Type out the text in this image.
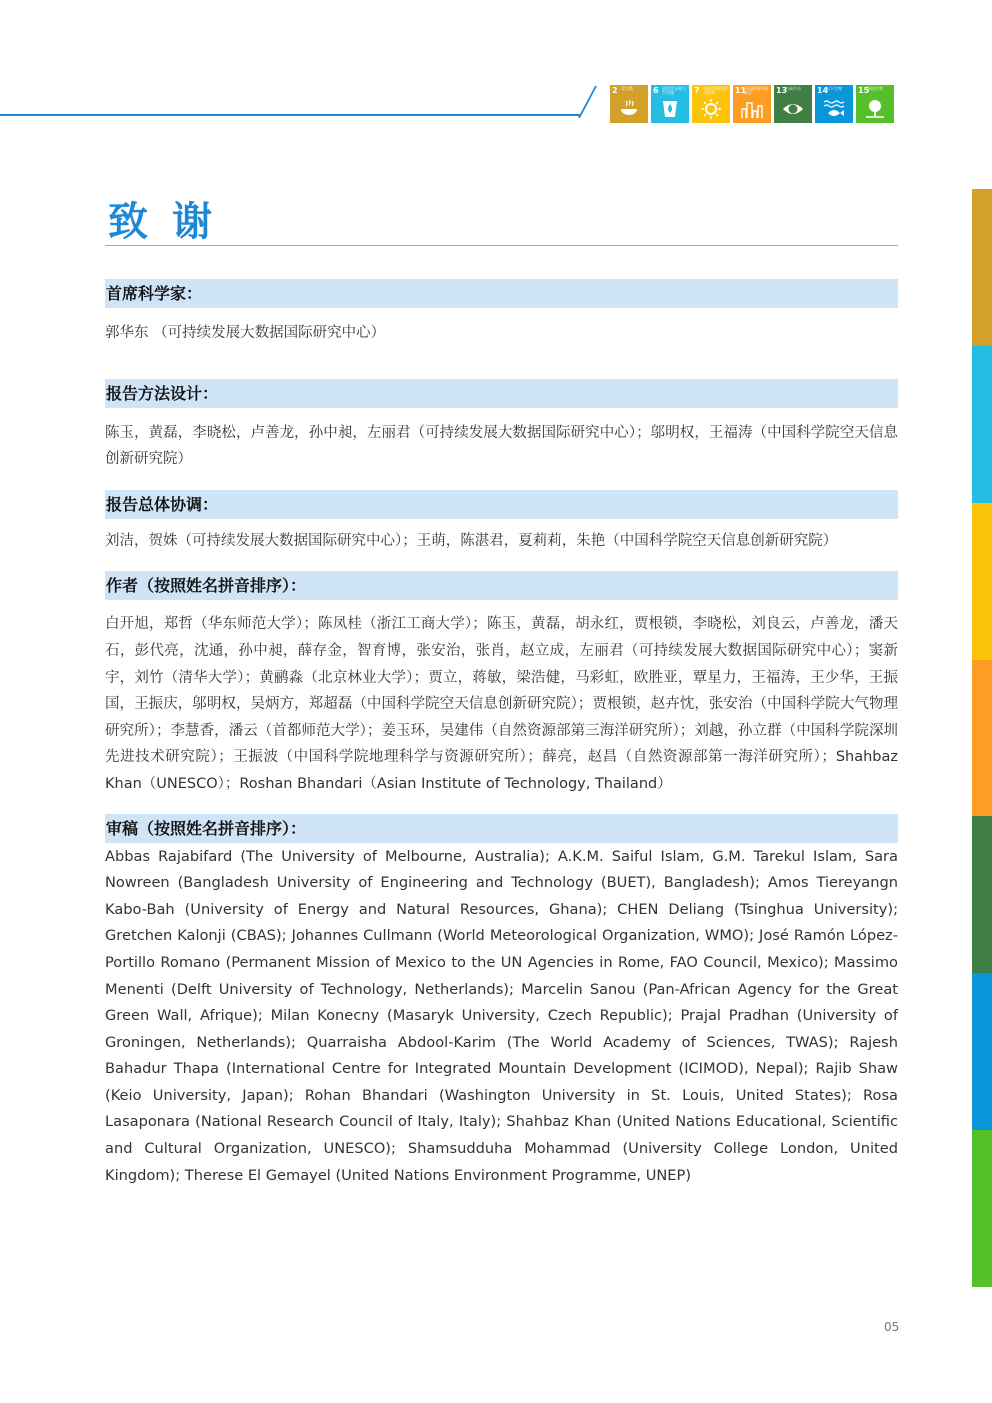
2 零饥饿	6 清洁饮水和卫生设施	7 经济适用的清洁能源	11
可持续城市和社区	13
气候行动	14
水下生物	15
陆地生物
致谢
首席科学家：
郭华东 （可持续发展大数据国际研究中心）
报告方法设计：
陈玉，黄磊，李晓松，卢善龙，孙中昶，左丽君（可持续发展大数据国际研究中心）；邬明权，王福涛（中国科学院空天信息创新研究院）
报告总体协调：
刘洁，贺姝（可持续发展大数据国际研究中心）；王萌，陈湛君，夏莉莉，朱艳（中国科学院空天信息创新研究院）
作者（按照姓名拼音排序）：
白开旭，郑哲（华东师范大学）；陈凤桂（浙江工商大学）；陈玉，黄磊，胡永红，贾根锁，李晓松，刘良云，卢善龙，潘天石，彭代亮，沈通，孙中昶，薛存金，智育博，张安治，张肖，赵立成，左丽君（可持续发展大数据国际研究中心）；窦新宇，刘竹（清华大学）；黄鹂淼（北京林业大学）；贾立，蒋敏，梁浩健，马彩虹，欧胜亚，覃星力，王福涛，王少华，王振国，王振庆，邬明权，吴炳方，郑超磊（中国科学院空天信息创新研究院）；贾根锁，赵卉忱，张安治（中国科学院大气物理研究所）；李慧香，潘云（首都师范大学）；姜玉环，吴建伟（自然资源部第三海洋研究所）；刘越，孙立群（中国科学院深圳先进技术研究院）；王振波（中国科学院地理科学与资源研究所）；薛亮，赵昌（自然资源部第一海洋研究所）；Shahbaz Khan（UNESCO）；Roshan Bhandari（Asian Institute of Technology, Thailand）
审稿（按照姓名拼音排序）：
Abbas Rajabifard (The University of Melbourne, Australia); A.K.M. Saiful Islam, G.M. Tarekul Islam, Sara Nowreen (Bangladesh University of Engineering and Technology (BUET), Bangladesh); Amos Tiereyangn Kabo-Bah (University of Energy and Natural Resources, Ghana); CHEN Deliang (Tsinghua University); Gretchen Kalonji (CBAS); Johannes Cullmann (World Meteorological Organization, WMO); José Ramón López-Portillo Romano (Permanent Mission of Mexico to the UN Agencies in Rome, FAO Council, Mexico); Massimo Menenti (Delft University of Technology, Netherlands); Marcelin Sanou (Pan-African Agency for the Great Green Wall, Afrique); Milan Konecny (Masaryk University, Czech Republic); Prajal Pradhan (University of Groningen, Netherlands); Quarraisha Abdool-Karim (The World Academy of Sciences, TWAS); Rajesh Bahadur Thapa (International Centre for Integrated Mountain Development (ICIMOD), Nepal); Rajib Shaw (Keio University, Japan); Rohan Bhandari (Washington University in St. Louis, United States); Rosa Lasaponara (National Research Council of Italy, Italy); Shahbaz Khan (United Nations Educational, Scientific and Cultural Organization, UNESCO); Shamsudduha Mohammad (University College London, United Kingdom); Therese El Gemayel (United Nations Environment Programme, UNEP)
05
